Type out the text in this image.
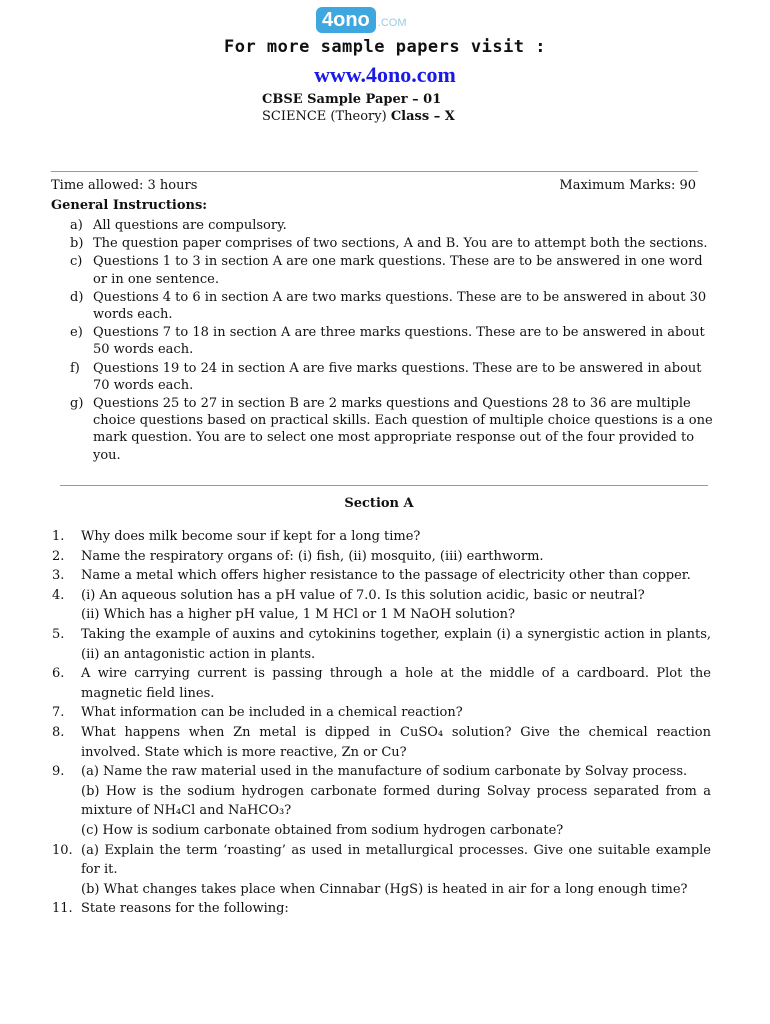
4ono .COM
For more sample papers visit :
www.4ono.com
CBSE Sample Paper – 01
SCIENCE (Theory) Class – X
Time allowed: 3 hours	Maximum Marks: 90
General Instructions:
a) All questions are compulsory.
b) The question paper comprises of two sections, A and B. You are to attempt both the sections.
c) Questions 1 to 3 in section A are one mark questions. These are to be answered in one word or in one sentence.
d) Questions 4 to 6 in section A are two marks questions. These are to be answered in about 30 words each.
e) Questions 7 to 18 in section A are three marks questions. These are to be answered in about 50 words each.
f)	Questions 19 to 24 in section A are five marks questions. These are to be answered in about 70 words each.
g) Questions 25 to 27 in section B are 2 marks questions and Questions 28 to 36 are multiple choice questions based on practical skills. Each question of multiple choice questions is a one mark question. You are to select one most appropriate response out of the four provided to you.
Section A
1.	Why does milk become sour if kept for a long time?

2.	Name the respiratory organs of: (i) fish, (ii) mosquito, (iii) earthworm.

3.	Name a metal which offers higher resistance to the passage of electricity other than copper.

4.	(i) An aqueous solution has a pH value of 7.0. Is this solution acidic, basic or neutral?

(ii) Which has a higher pH value, 1 M HCl or 1 M NaOH solution?

5.	Taking the example of auxins and cytokinins together, explain (i) a synergistic action in plants, (ii) an antagonistic action in plants.

6.	A wire carrying current is passing through a hole at the middle of a cardboard. Plot the magnetic field lines.

7.	What information can be included in a chemical reaction?

8.	What happens when Zn metal is dipped in CuSO₄ solution? Give the chemical reaction involved. State which is more reactive, Zn or Cu?

9.	(a) Name the raw material used in the manufacture of sodium carbonate by Solvay process.

(b) How is the sodium hydrogen carbonate formed during Solvay process separated from a mixture of NH₄Cl and NaHCO₃?

(c) How is sodium carbonate obtained from sodium hydrogen carbonate?

10. (a) Explain the term ‘roasting’ as used in metallurgical processes. Give one suitable example for it.

(b) What changes takes place when Cinnabar (HgS) is heated in air for a long enough time?

11. State reasons for the following:
